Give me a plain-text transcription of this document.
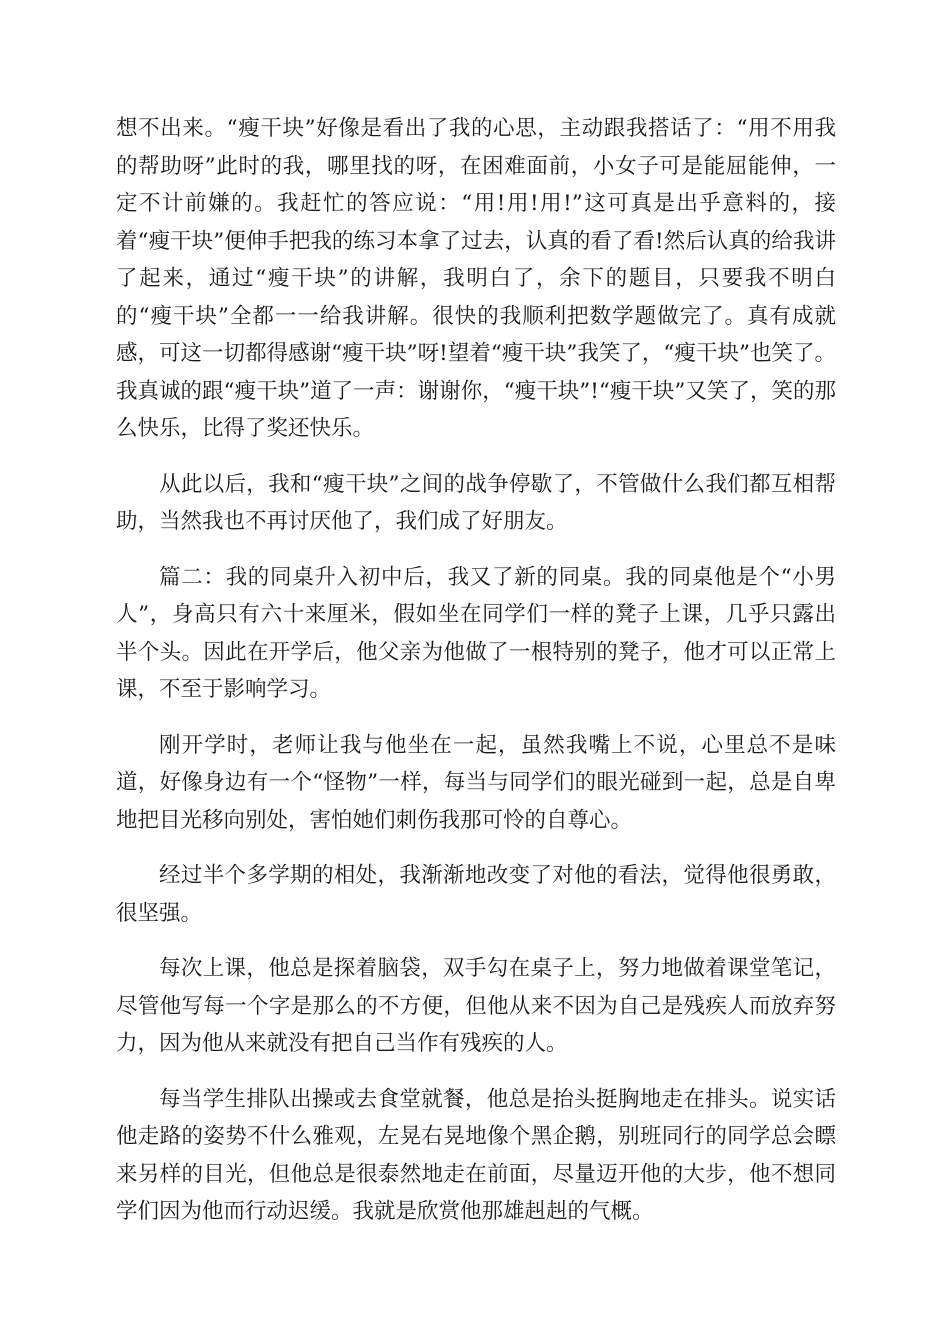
想不出来。“瘦干块”好像是看出了我的心思，主动跟我搭话了：“用不用我的帮助呀”此时的我，哪里找的呀，在困难面前，小女子可是能屈能伸，一定不计前嫌的。我赶忙的答应说：“用!用!用!”这可真是出乎意料的，接着“瘦干块”便伸手把我的练习本拿了过去，认真的看了看!然后认真的给我讲了起来，通过“瘦干块”的讲解，我明白了，余下的题目，只要我不明白的“瘦干块”全都一一给我讲解。很快的我顺利把数学题做完了。真有成就感，可这一切都得感谢“瘦干块”呀!望着“瘦干块”我笑了，“瘦干块”也笑了。我真诚的跟“瘦干块”道了一声：谢谢你，“瘦干块”!“瘦干块”又笑了，笑的那么快乐，比得了奖还快乐。

从此以后，我和“瘦干块”之间的战争停歇了，不管做什么我们都互相帮助，当然我也不再讨厌他了，我们成了好朋友。

篇二：我的同桌升入初中后，我又了新的同桌。我的同桌他是个“小男人”，身高只有六十来厘米，假如坐在同学们一样的凳子上课，几乎只露出半个头。因此在开学后，他父亲为他做了一根特别的凳子，他才可以正常上课，不至于影响学习。

刚开学时，老师让我与他坐在一起，虽然我嘴上不说，心里总不是味道，好像身边有一个“怪物”一样，每当与同学们的眼光碰到一起，总是自卑地把目光移向别处，害怕她们刺伤我那可怜的自尊心。

经过半个多学期的相处，我渐渐地改变了对他的看法，觉得他很勇敢，很坚强。

每次上课，他总是探着脑袋，双手勾在桌子上，努力地做着课堂笔记，尽管他写每一个字是那么的不方便，但他从来不因为自己是残疾人而放弃努力，因为他从来就没有把自己当作有残疾的人。

每当学生排队出操或去食堂就餐，他总是抬头挺胸地走在排头。说实话他走路的姿势不什么雅观，左晃右晃地像个黑企鹅，别班同行的同学总会瞟来另样的目光，但他总是很泰然地走在前面，尽量迈开他的大步，他不想同学们因为他而行动迟缓。我就是欣赏他那雄赳赳的气概。
